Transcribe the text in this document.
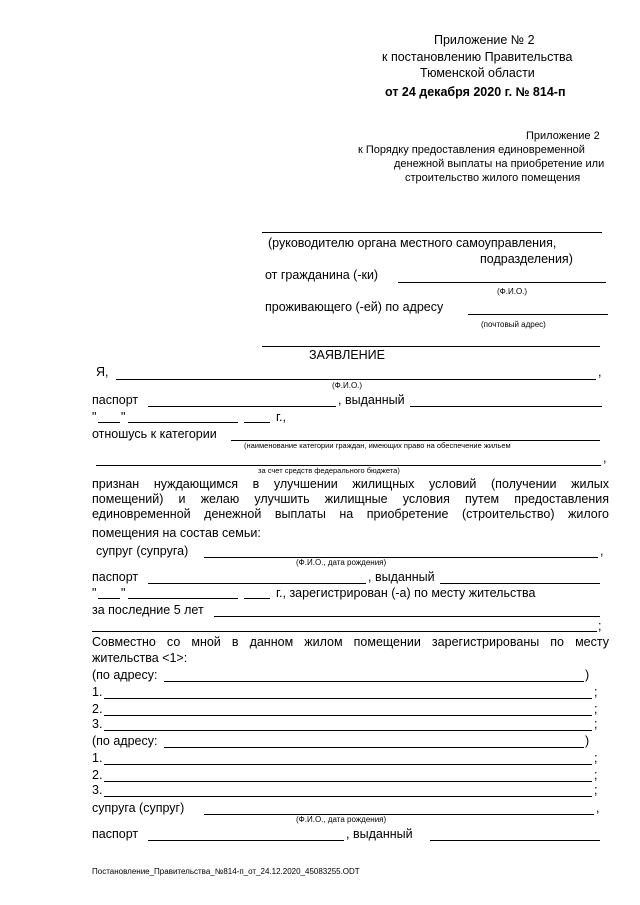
Приложение № 2
к постановлению Правительства
Тюменской области
от 24 декабря 2020 г. № 814-п
Приложение 2
к Порядку предоставления единовременной
денежной выплаты на приобретение или
строительство жилого помещения
(руководителю органа местного самоуправления,
подразделения)
от гражданина (-ки)
(Ф.И.О.)
проживающего (-ей) по адресу
(почтовый адрес)
ЗАЯВЛЕНИЕ
Я,	,
(Ф.И.О.)
паспорт	, выданный
" "	г.,
отношусь к категории
(наименование категории граждан, имеющих право на обеспечение жильем
,
за счет средств федерального бюджета)
признан нуждающимся в улучшении жилищных условий (получении жилых
помещений) и желаю улучшить жилищные условия путем предоставления
единовременной денежной выплаты на приобретение (строительство) жилого
помещения на состав семьи:
супруг (супруга)	,
(Ф.И.О., дата рождения)
паспорт	, выданный
" "	г., зарегистрирован (-а) по месту жительства
за последние 5 лет
;
Совместно со мной в данном жилом помещении зарегистрированы по месту
жительства <1>:
(по адресу:	)
1.	;
2.	;
3.	;
(по адресу:	)
1.	;
2.	;
3.	;
супруга (супруг)	,
(Ф.И.О., дата рождения)
паспорт	, выданный
Постановление_Правительства_№814-п_от_24.12.2020_45083255.ODT
